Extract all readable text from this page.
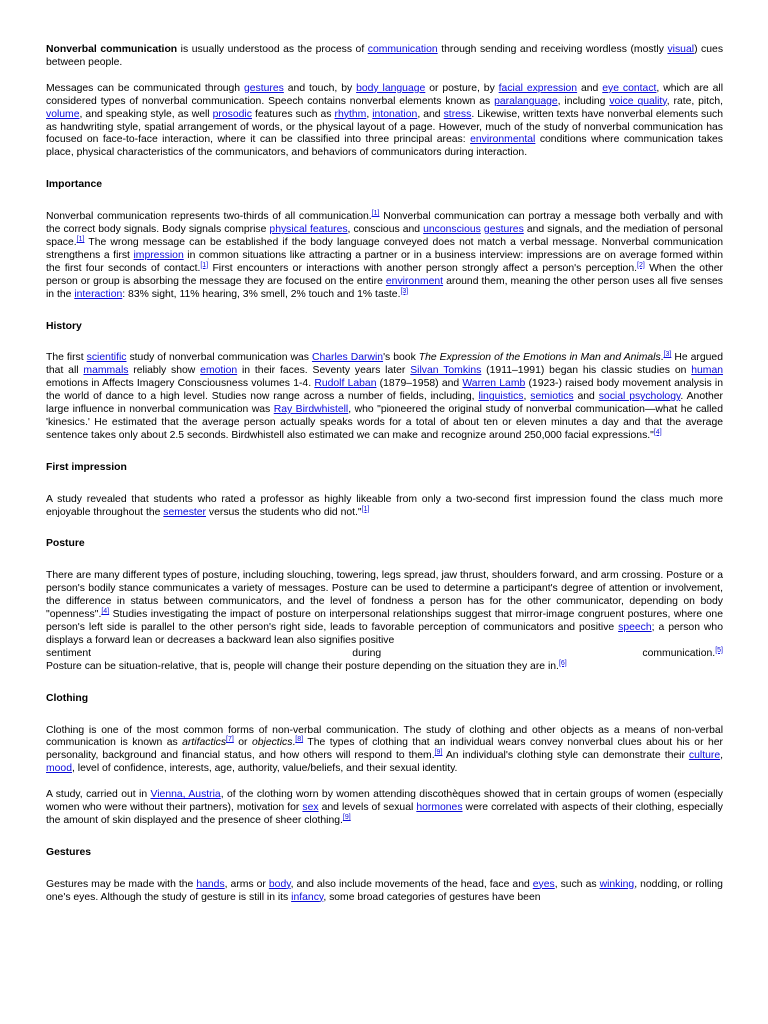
Nonverbal communication is usually understood as the process of communication through sending and receiving wordless (mostly visual) cues between people.

Messages can be communicated through gestures and touch, by body language or posture, by facial expression and eye contact, which are all considered types of nonverbal communication. Speech contains nonverbal elements known as paralanguage, including voice quality, rate, pitch, volume, and speaking style, as well prosodic features such as rhythm, intonation, and stress. Likewise, written texts have nonverbal elements such as handwriting style, spatial arrangement of words, or the physical layout of a page. However, much of the study of nonverbal communication has focused on face-to-face interaction, where it can be classified into three principal areas: environmental conditions where communication takes place, physical characteristics of the communicators, and behaviors of communicators during interaction.

Importance

Nonverbal communication represents two-thirds of all communication.[1] Nonverbal communication can portray a message both verbally and with the correct body signals. Body signals comprise physical features, conscious and unconscious gestures and signals, and the mediation of personal space.[1] The wrong message can be established if the body language conveyed does not match a verbal message. Nonverbal communication strengthens a first impression in common situations like attracting a partner or in a business interview: impressions are on average formed within the first four seconds of contact.[1] First encounters or interactions with another person strongly affect a person's perception.[2] When the other person or group is absorbing the message they are focused on the entire environment around them, meaning the other person uses all five senses in the interaction: 83% sight, 11% hearing, 3% smell, 2% touch and 1% taste.[3]

History

The first scientific study of nonverbal communication was Charles Darwin's book The Expression of the Emotions in Man and Animals.[3] He argued that all mammals reliably show emotion in their faces. Seventy years later Silvan Tomkins (1911–1991) began his classic studies on human emotions in Affects Imagery Consciousness volumes 1-4. Rudolf Laban (1879–1958) and Warren Lamb (1923-) raised body movement analysis in the world of dance to a high level. Studies now range across a number of fields, including, linguistics, semiotics and social psychology. Another large influence in nonverbal communication was Ray Birdwhistell, who "pioneered the original study of nonverbal communication—what he called 'kinesics.' He estimated that the average person actually speaks words for a total of about ten or eleven minutes a day and that the average sentence takes only about 2.5 seconds. Birdwhistell also estimated we can make and recognize around 250,000 facial expressions."[4]

First impression

A study revealed that students who rated a professor as highly likeable from only a two-second first impression found the class much more enjoyable throughout the semester versus the students who did not."[1]

Posture

There are many different types of posture, including slouching, towering, legs spread, jaw thrust, shoulders forward, and arm crossing. Posture or a person's bodily stance communicates a variety of messages. Posture can be used to determine a participant's degree of attention or involvement, the difference in status between communicators, and the level of fondness a person has for the other communicator, depending on body "openness".[4] Studies investigating the impact of posture on interpersonal relationships suggest that mirror-image congruent postures, where one person's left side is parallel to the other person's right side, leads to favorable perception of communicators and positive speech; a person who displays a forward lean or decreases a backward lean also signifies positive

sentiment	during	communication.[5]

Posture can be situation-relative, that is, people will change their posture depending on the situation they are in.[6]

Clothing

Clothing is one of the most common forms of non-verbal communication. The study of clothing and other objects as a means of non-verbal communication is known as artifactics[7] or objectics.[8] The types of clothing that an individual wears convey nonverbal clues about his or her personality, background and financial status, and how others will respond to them.[9] An individual's clothing style can demonstrate their culture, mood, level of confidence, interests, age, authority, value/beliefs, and their sexual identity.

A study, carried out in Vienna, Austria, of the clothing worn by women attending discothèques showed that in certain groups of women (especially women who were without their partners), motivation for sex and levels of sexual hormones were correlated with aspects of their clothing, especially the amount of skin displayed and the presence of sheer clothing.[9]

Gestures

Gestures may be made with the hands, arms or body, and also include movements of the head, face and eyes, such as winking, nodding, or rolling one's eyes. Although the study of gesture is still in its infancy, some broad categories of gestures have been
